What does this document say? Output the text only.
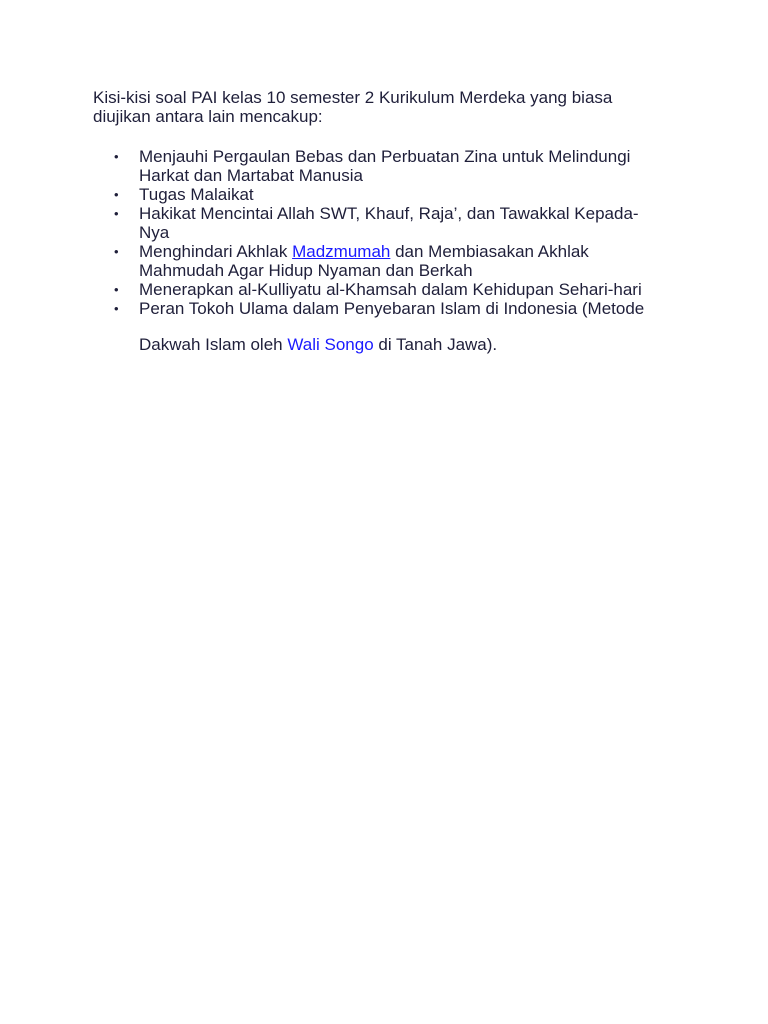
Kisi-kisi soal PAI kelas 10 semester 2 Kurikulum Merdeka yang biasa
diujikan antara lain mencakup:

• Menjauhi Pergaulan Bebas dan Perbuatan Zina untuk Melindungi
Harkat dan Martabat Manusia
• Tugas Malaikat
• Hakikat Mencintai Allah SWT, Khauf, Raja’, dan Tawakkal Kepada-
Nya
• Menghindari Akhlak Madzmumah dan Membiasakan Akhlak
Mahmudah Agar Hidup Nyaman dan Berkah
• Menerapkan al-Kulliyatu al-Khamsah dalam Kehidupan Sehari-hari
• Peran Tokoh Ulama dalam Penyebaran Islam di Indonesia (Metode
Dakwah Islam oleh Wali Songo di Tanah Jawa).
